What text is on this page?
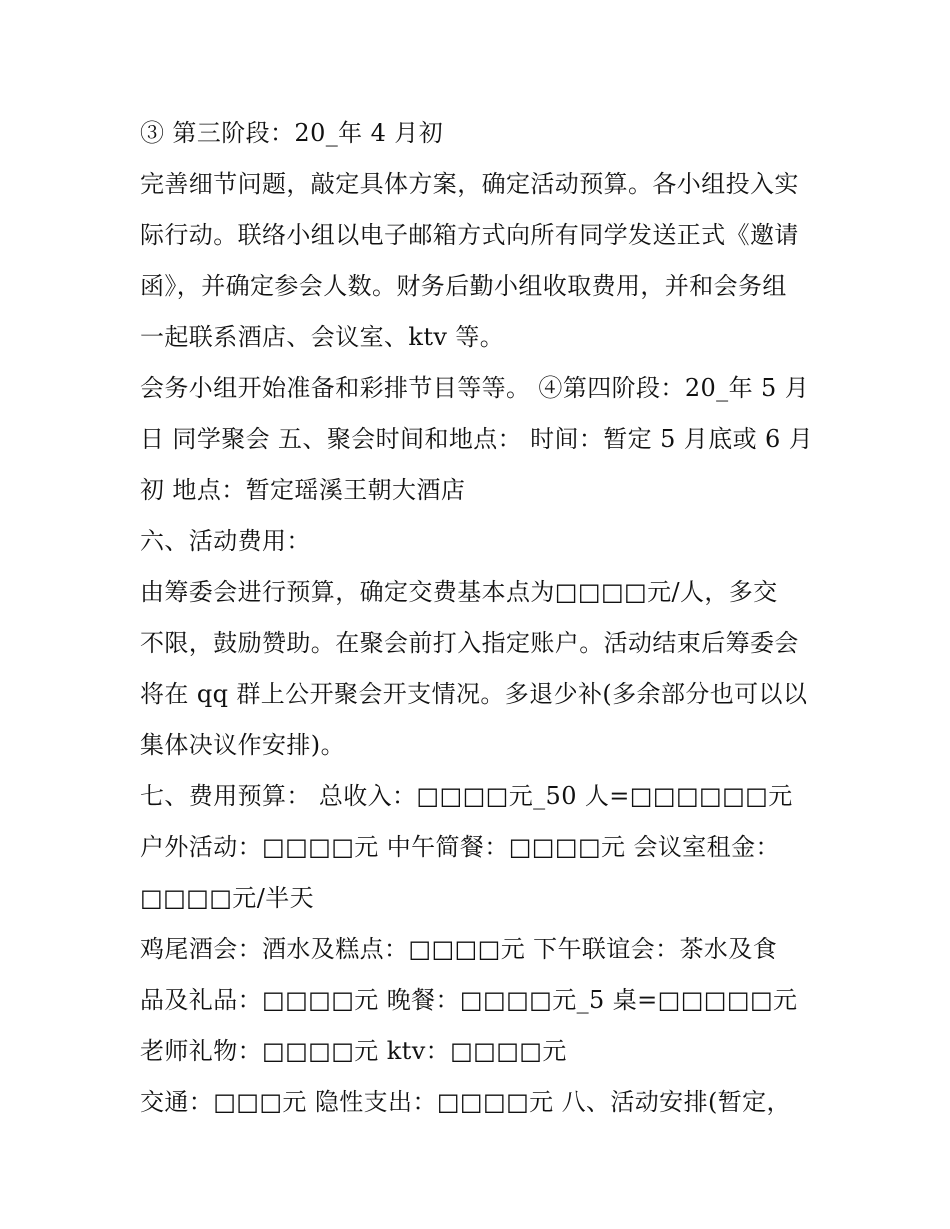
③ 第三阶段：20_年 4 月初
完善细节问题，敲定具体方案，确定活动预算。各小组投入实
际行动。联络小组以电子邮箱方式向所有同学发送正式《邀请
函》，并确定参会人数。财务后勤小组收取费用，并和会务组
一起联系酒店、会议室、ktv 等。
会务小组开始准备和彩排节目等等。 ④第四阶段：20_年 5 月
日 同学聚会 五、聚会时间和地点： 时间：暂定 5 月底或 6 月
初 地点：暂定瑶溪王朝大酒店
六、活动费用：
由筹委会进行预算，确定交费基本点为□□□□元/人，多交
不限，鼓励赞助。在聚会前打入指定账户。活动结束后筹委会
将在 qq 群上公开聚会开支情况。多退少补(多余部分也可以以
集体决议作安排)。
七、费用预算： 总收入：□□□□元_50 人=□□□□□□元
户外活动：□□□□元 中午简餐：□□□□元 会议室租金：
□□□□元/半天
鸡尾酒会：酒水及糕点：□□□□元 下午联谊会：茶水及食
品及礼品：□□□□元 晚餐：□□□□元_5 桌=□□□□□元
老师礼物：□□□□元 ktv：□□□□元
交通：□□□元 隐性支出：□□□□元 八、活动安排(暂定，
